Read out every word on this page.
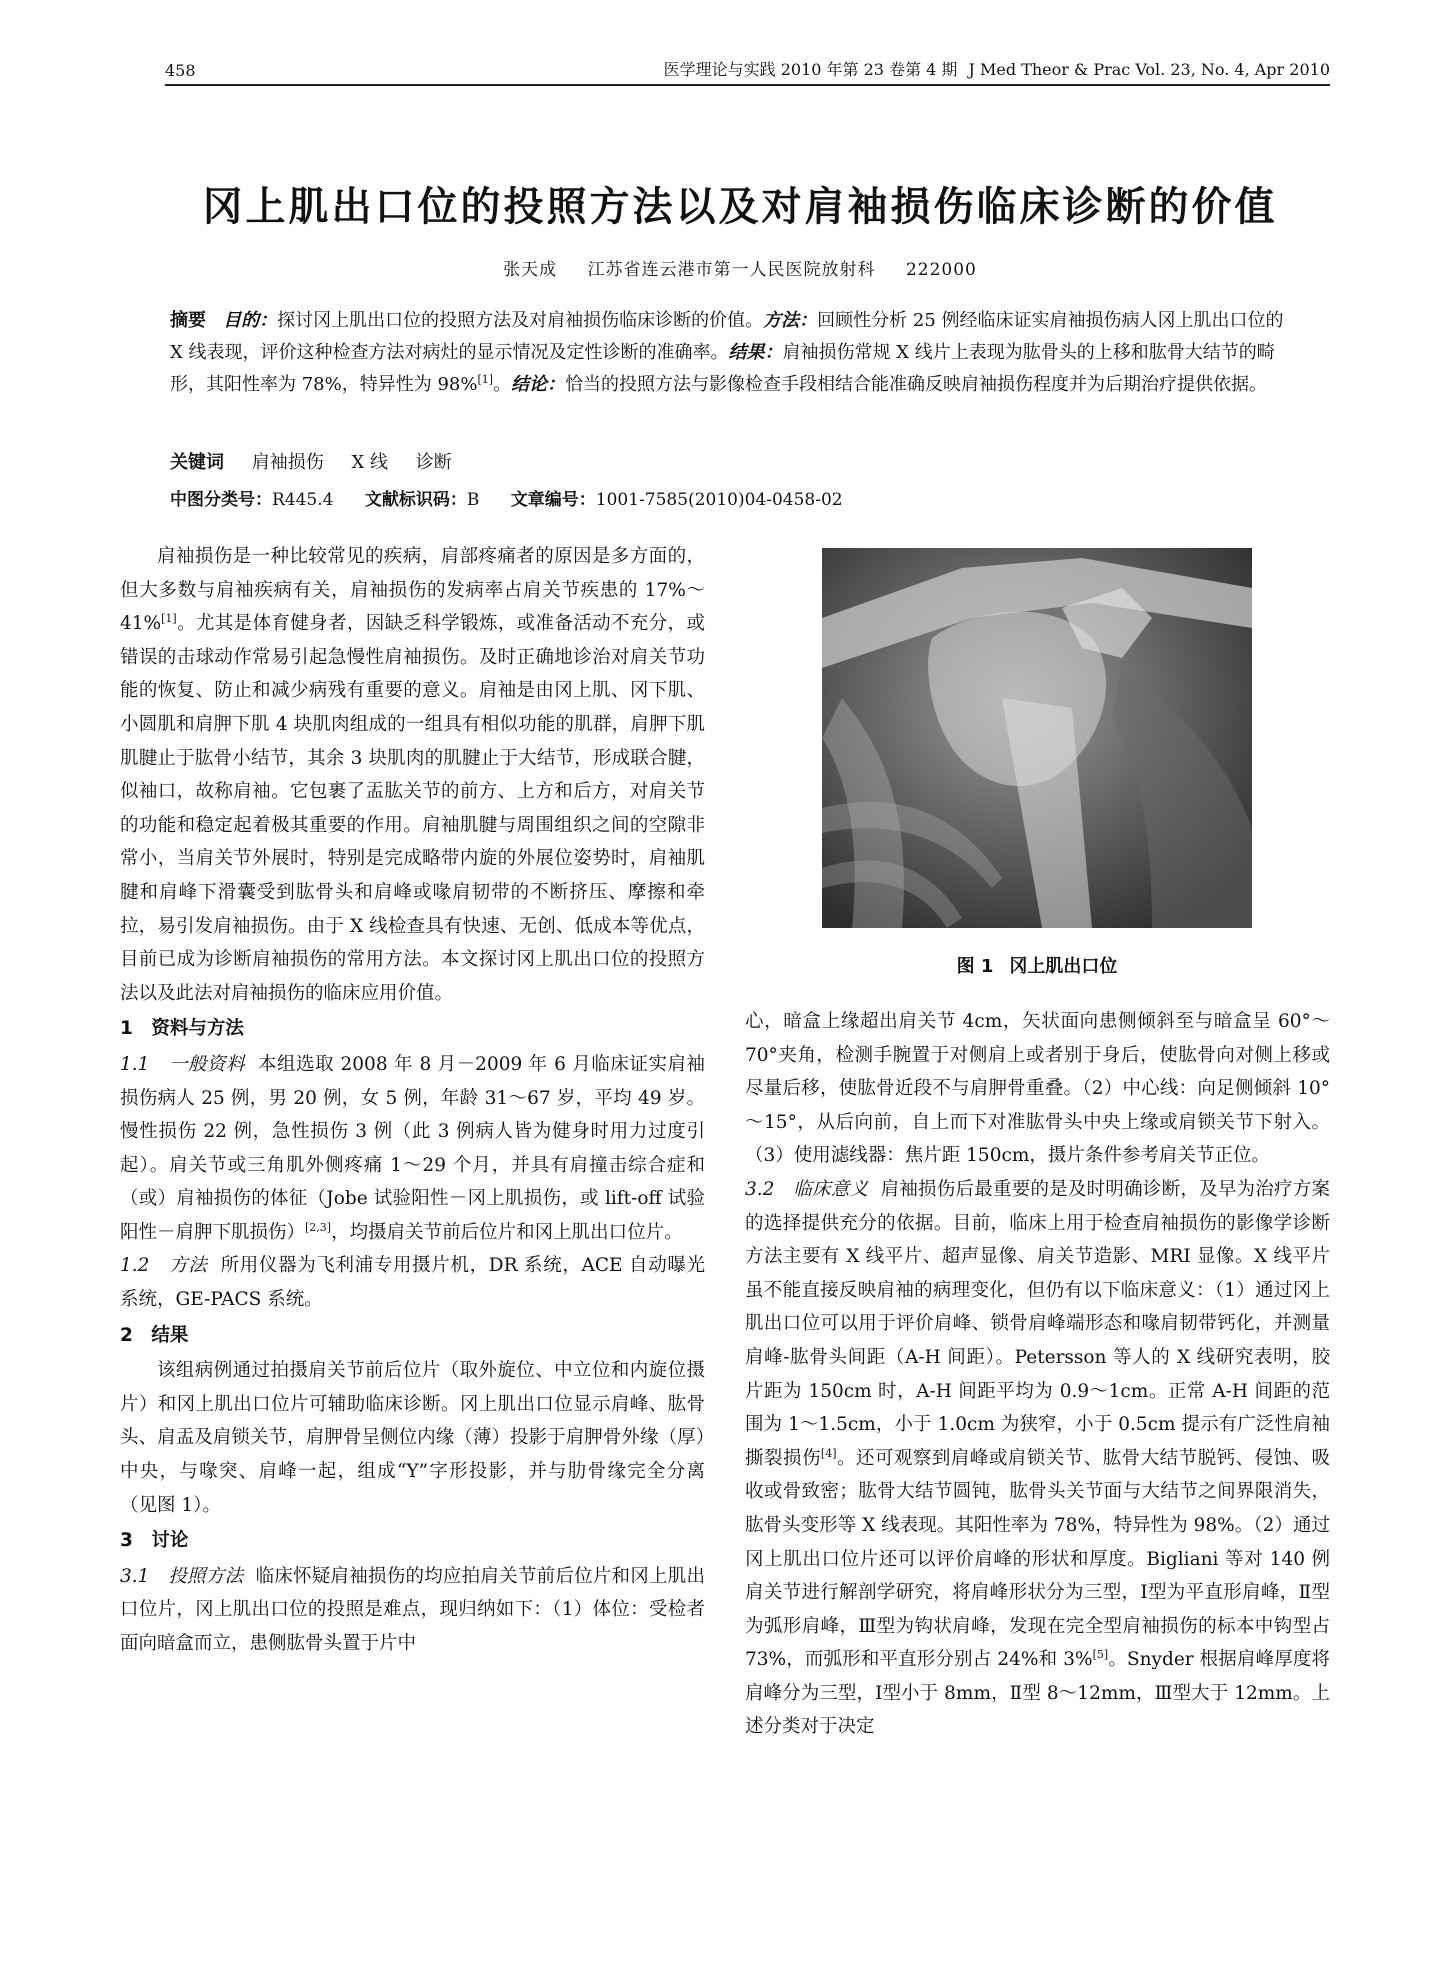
458	医学理论与实践 2010 年第 23 卷第 4 期 J Med Theor & Prac Vol. 23, No. 4, Apr 2010
冈上肌出口位的投照方法以及对肩袖损伤临床诊断的价值
张天成 江苏省连云港市第一人民医院放射科 222000
摘要 目的：探讨冈上肌出口位的投照方法及对肩袖损伤临床诊断的价值。方法：回顾性分析 25 例经临床证实肩袖损伤病人冈上肌出口位的 X 线表现，评价这种检查方法对病灶的显示情况及定性诊断的准确率。结果：肩袖损伤常规 X 线片上表现为肱骨头的上移和肱骨大结节的畸形，其阳性率为 78%，特异性为 98%[1]。结论：恰当的投照方法与影像检查手段相结合能准确反映肩袖损伤程度并为后期治疗提供依据。
关键词 肩袖损伤 X 线 诊断
中图分类号：R445.4 文献标识码：B 文章编号：1001-7585(2010)04-0458-02

肩袖损伤是一种比较常见的疾病，肩部疼痛者的原因是多方面的，但大多数与肩袖疾病有关，肩袖损伤的发病率占肩关节疾患的 17%～41%[1]。尤其是体育健身者，因缺乏科学锻炼，或准备活动不充分，或错误的击球动作常易引起急慢性肩袖损伤。及时正确地诊治对肩关节功能的恢复、防止和减少病残有重要的意义。肩袖是由冈上肌、冈下肌、小圆肌和肩胛下肌 4 块肌肉组成的一组具有相似功能的肌群，肩胛下肌肌腱止于肱骨小结节，其余 3 块肌肉的肌腱止于大结节，形成联合腱，似袖口，故称肩袖。它包裹了盂肱关节的前方、上方和后方，对肩关节的功能和稳定起着极其重要的作用。肩袖肌腱与周围组织之间的空隙非常小，当肩关节外展时，特别是完成略带内旋的外展位姿势时，肩袖肌腱和肩峰下滑囊受到肱骨头和肩峰或喙肩韧带的不断挤压、摩擦和牵拉，易引发肩袖损伤。由于 X 线检查具有快速、无创、低成本等优点，目前已成为诊断肩袖损伤的常用方法。本文探讨冈上肌出口位的投照方法以及此法对肩袖损伤的临床应用价值。

1　资料与方法

1.1　一般资料 本组选取 2008 年 8 月－2009 年 6 月临床证实肩袖损伤病人 25 例，男 20 例，女 5 例，年龄 31～67 岁，平均 49 岁。慢性损伤 22 例，急性损伤 3 例（此 3 例病人皆为健身时用力过度引起）。肩关节或三角肌外侧疼痛 1～29 个月，并具有肩撞击综合症和（或）肩袖损伤的体征（Jobe 试验阳性－冈上肌损伤，或 lift-off 试验阳性－肩胛下肌损伤）[2,3]，均摄肩关节前后位片和冈上肌出口位片。

1.2　方法 所用仪器为飞利浦专用摄片机，DR 系统，ACE 自动曝光系统，GE-PACS 系统。

2　结果

该组病例通过拍摄肩关节前后位片（取外旋位、中立位和内旋位摄片）和冈上肌出口位片可辅助临床诊断。冈上肌出口位显示肩峰、肱骨头、肩盂及肩锁关节，肩胛骨呈侧位内缘（薄）投影于肩胛骨外缘（厚）中央，与喙突、肩峰一起，组成“Y”字形投影，并与肋骨缘完全分离（见图 1）。

3　讨论

3.1　投照方法 临床怀疑肩袖损伤的均应拍肩关节前后位片和冈上肌出口位片，冈上肌出口位的投照是难点，现归纳如下：（1）体位：受检者面向暗盒而立，患侧肱骨头置于片中

图 1 冈上肌出口位

心，暗盒上缘超出肩关节 4cm，矢状面向患侧倾斜至与暗盒呈 60°～70°夹角，检测手腕置于对侧肩上或者别于身后，使肱骨向对侧上移或尽量后移，使肱骨近段不与肩胛骨重叠。（2）中心线：向足侧倾斜 10°～15°，从后向前，自上而下对准肱骨头中央上缘或肩锁关节下射入。（3）使用滤线器：焦片距 150cm，摄片条件参考肩关节正位。

3.2　临床意义 肩袖损伤后最重要的是及时明确诊断，及早为治疗方案的选择提供充分的依据。目前，临床上用于检查肩袖损伤的影像学诊断方法主要有 X 线平片、超声显像、肩关节造影、MRI 显像。X 线平片虽不能直接反映肩袖的病理变化，但仍有以下临床意义：（1）通过冈上肌出口位可以用于评价肩峰、锁骨肩峰端形态和喙肩韧带钙化，并测量肩峰-肱骨头间距（A-H 间距）。Petersson 等人的 X 线研究表明，胶片距为 150cm 时，A-H 间距平均为 0.9～1cm。正常 A-H 间距的范围为 1～1.5cm，小于 1.0cm 为狭窄，小于 0.5cm 提示有广泛性肩袖撕裂损伤[4]。还可观察到肩峰或肩锁关节、肱骨大结节脱钙、侵蚀、吸收或骨致密；肱骨大结节圆钝，肱骨头关节面与大结节之间界限消失，肱骨头变形等 X 线表现。其阳性率为 78%，特异性为 98%。（2）通过冈上肌出口位片还可以评价肩峰的形状和厚度。Bigliani 等对 140 例肩关节进行解剖学研究，将肩峰形状分为三型，Ⅰ型为平直形肩峰，Ⅱ型为弧形肩峰，Ⅲ型为钩状肩峰，发现在完全型肩袖损伤的标本中钩型占 73%，而弧形和平直形分别占 24%和 3%[5]。Snyder 根据肩峰厚度将肩峰分为三型，Ⅰ型小于 8mm，Ⅱ型 8～12mm，Ⅲ型大于 12mm。上述分类对于决定
